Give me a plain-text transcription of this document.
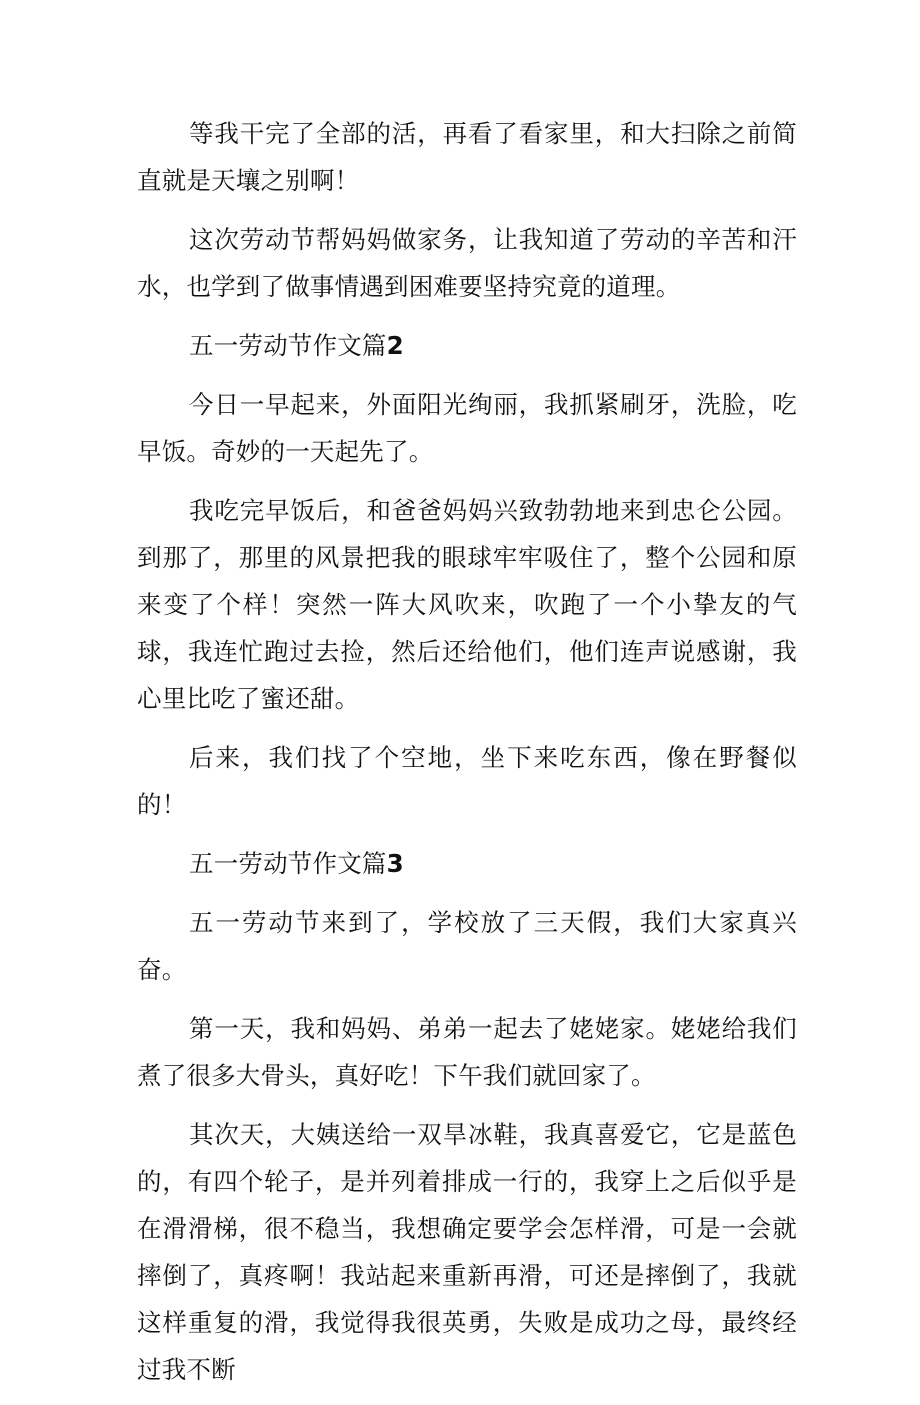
等我干完了全部的活，再看了看家里，和大扫除之前简直就是天壤之别啊！

这次劳动节帮妈妈做家务，让我知道了劳动的辛苦和汗水，也学到了做事情遇到困难要坚持究竟的道理。

五一劳动节作文篇2

今日一早起来，外面阳光绚丽，我抓紧刷牙，洗脸，吃早饭。奇妙的一天起先了。

我吃完早饭后，和爸爸妈妈兴致勃勃地来到忠仑公园。到那了，那里的风景把我的眼球牢牢吸住了，整个公园和原来变了个样！突然一阵大风吹来，吹跑了一个小挚友的气球，我连忙跑过去捡，然后还给他们，他们连声说感谢，我心里比吃了蜜还甜。

后来，我们找了个空地，坐下来吃东西，像在野餐似的！

五一劳动节作文篇3

五一劳动节来到了，学校放了三天假，我们大家真兴奋。

第一天，我和妈妈、弟弟一起去了姥姥家。姥姥给我们煮了很多大骨头，真好吃！下午我们就回家了。

其次天，大姨送给一双旱冰鞋，我真喜爱它，它是蓝色的，有四个轮子，是并列着排成一行的，我穿上之后似乎是在滑滑梯，很不稳当，我想确定要学会怎样滑，可是一会就摔倒了，真疼啊！我站起来重新再滑，可还是摔倒了，我就这样重复的滑，我觉得我很英勇，失败是成功之母，最终经过我不断
